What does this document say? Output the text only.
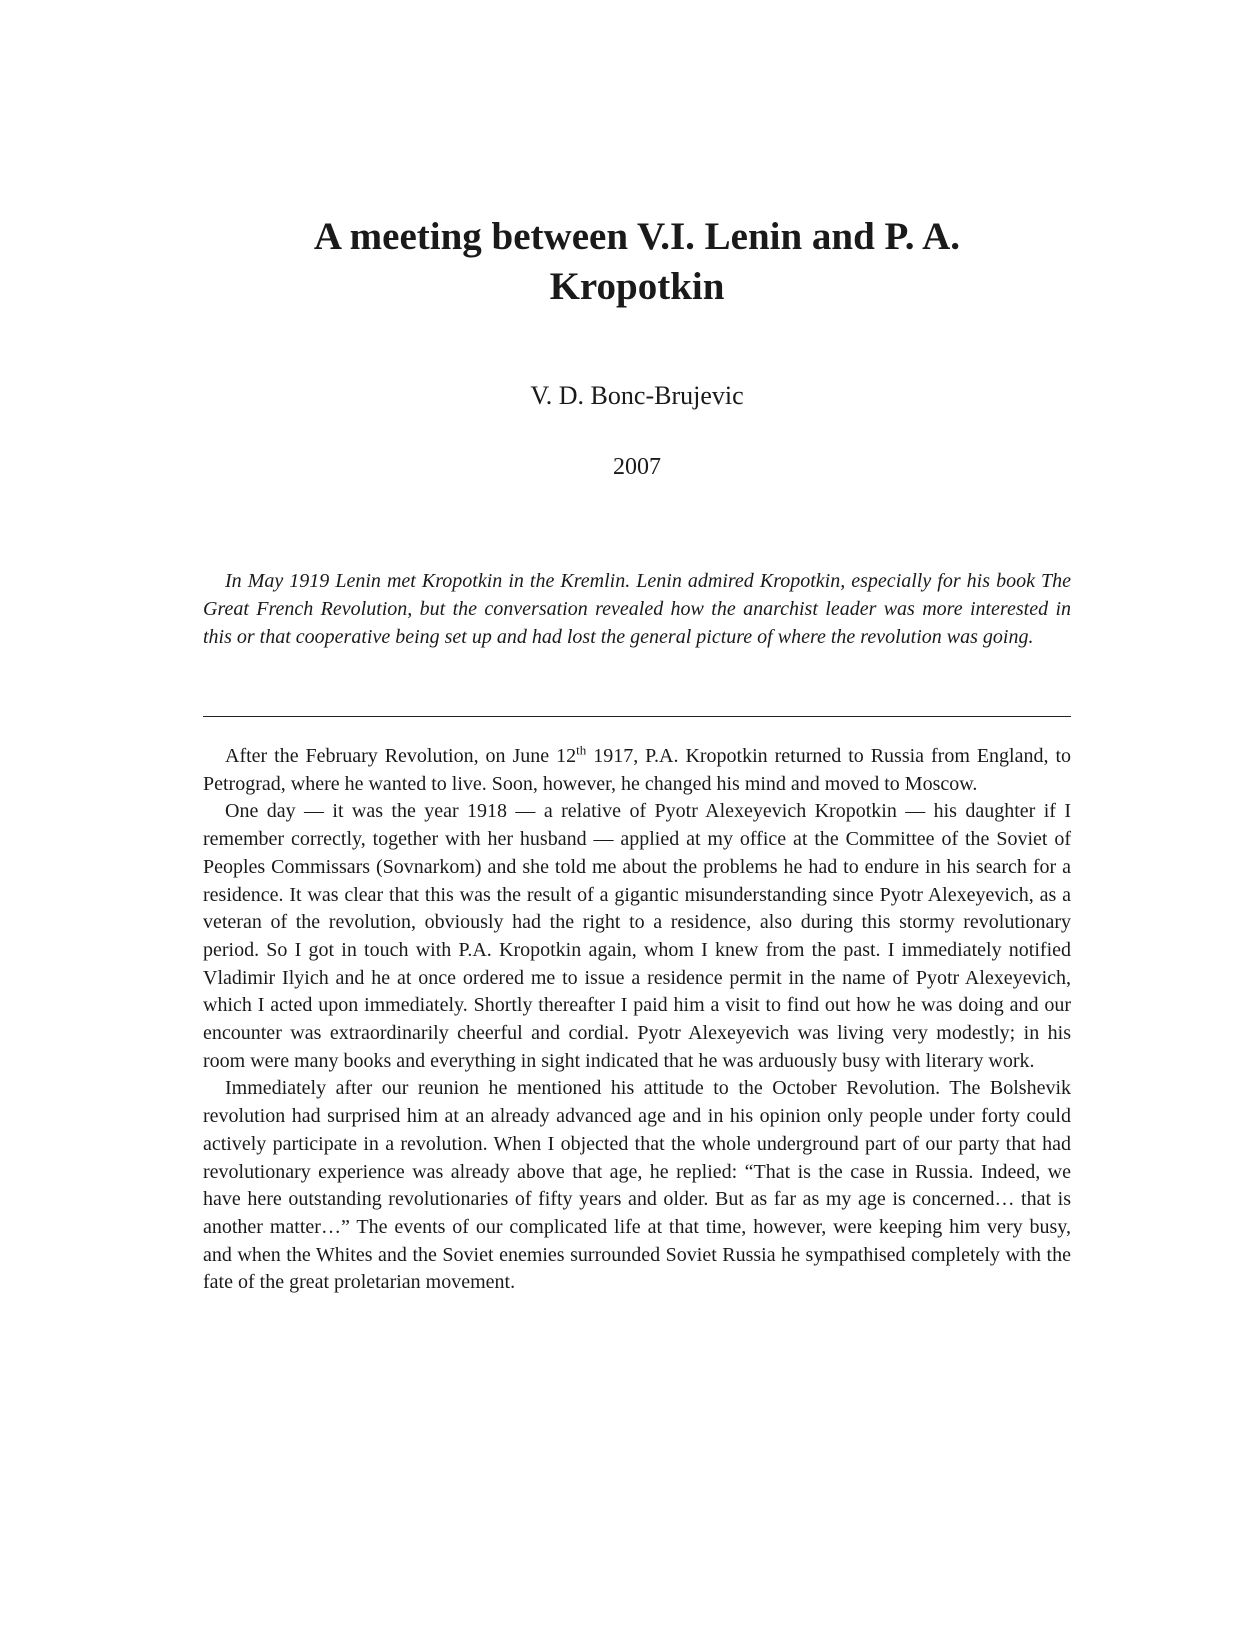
A meeting between V.I. Lenin and P. A.
Kropotkin
V. D. Bonc-Brujevic
2007

In May 1919 Lenin met Kropotkin in the Kremlin. Lenin admired Kropotkin, especially for his book The Great French Revolution, but the conversation revealed how the anarchist leader was more interested in this or that cooperative being set up and had lost the general picture of where the revolution was going.

After the February Revolution, on June 12th 1917, P.A. Kropotkin returned to Russia from England, to Petrograd, where he wanted to live. Soon, however, he changed his mind and moved to Moscow.

One day — it was the year 1918 — a relative of Pyotr Alexeyevich Kropotkin — his daughter if I remember correctly, together with her husband — applied at my office at the Committee of the Soviet of Peoples Commissars (Sovnarkom) and she told me about the problems he had to endure in his search for a residence. It was clear that this was the result of a gigantic misunderstanding since Pyotr Alexeyevich, as a veteran of the revolution, obviously had the right to a residence, also during this stormy revolutionary period. So I got in touch with P.A. Kropotkin again, whom I knew from the past. I immediately notified Vladimir Ilyich and he at once ordered me to issue a residence permit in the name of Pyotr Alexeyevich, which I acted upon immediately. Shortly thereafter I paid him a visit to find out how he was doing and our encounter was extraordinarily cheerful and cordial. Pyotr Alexeyevich was living very modestly; in his room were many books and everything in sight indicated that he was arduously busy with literary work.

Immediately after our reunion he mentioned his attitude to the October Revolution. The Bolshevik revolution had surprised him at an already advanced age and in his opinion only people under forty could actively participate in a revolution. When I objected that the whole underground part of our party that had revolutionary experience was already above that age, he replied: “That is the case in Russia. Indeed, we have here outstanding revolutionaries of fifty years and older. But as far as my age is concerned… that is another matter…” The events of our complicated life at that time, however, were keeping him very busy, and when the Whites and the Soviet enemies surrounded Soviet Russia he sympathised completely with the fate of the great proletarian movement.
